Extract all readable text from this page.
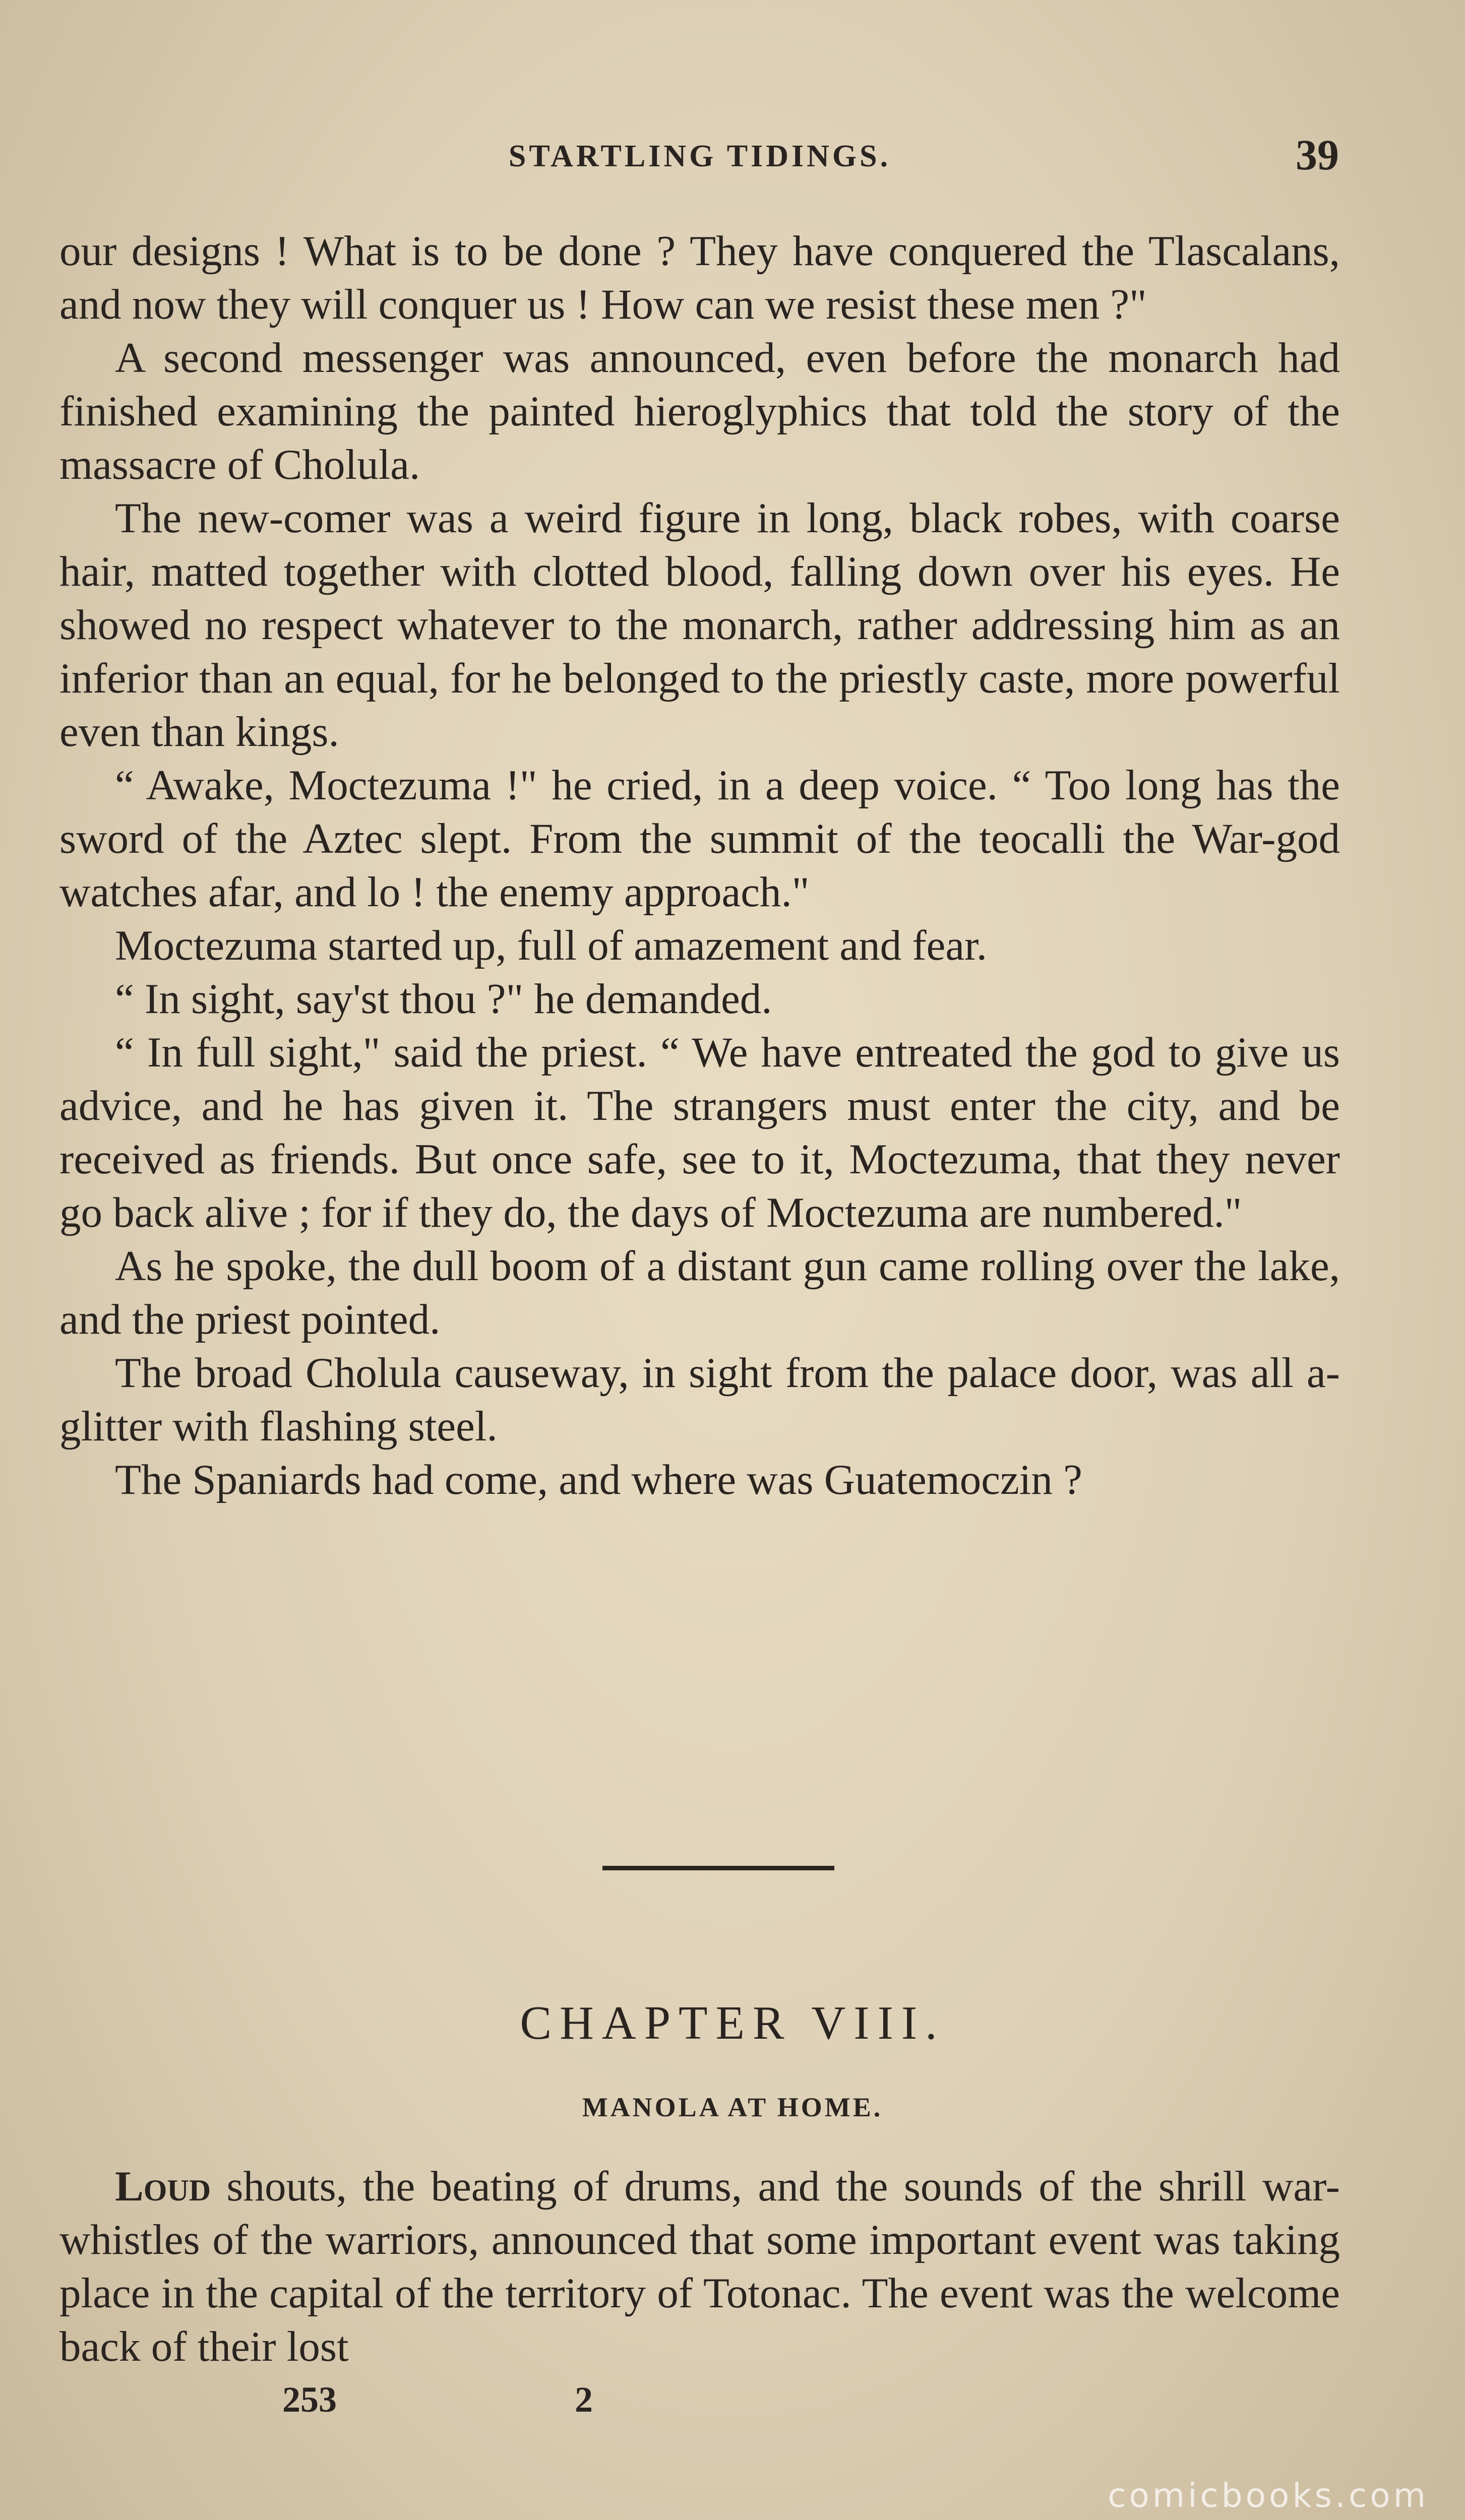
STARTLING TIDINGS.	39

our designs ! What is to be done ? They have conquered the Tlascalans, and now they will conquer us ! How can we resist these men ?"

A second messenger was announced, even before the monarch had finished examining the painted hieroglyphics that told the story of the massacre of Cholula.

The new-comer was a weird figure in long, black robes, with coarse hair, matted together with clotted blood, falling down over his eyes. He showed no respect whatever to the monarch, rather addressing him as an inferior than an equal, for he belonged to the priestly caste, more powerful even than kings.

“ Awake, Moctezuma !" he cried, in a deep voice. “ Too long has the sword of the Aztec slept. From the summit of the teocalli the War-god watches afar, and lo ! the enemy approach."

Moctezuma started up, full of amazement and fear.

“ In sight, say'st thou ?" he demanded.

“ In full sight," said the priest. “ We have entreated the god to give us advice, and he has given it. The strangers must enter the city, and be received as friends. But once safe, see to it, Moctezuma, that they never go back alive ; for if they do, the days of Moctezuma are numbered."

As he spoke, the dull boom of a distant gun came rolling over the lake, and the priest pointed.

The broad Cholula causeway, in sight from the palace door, was all a-glitter with flashing steel.

The Spaniards had come, and where was Guatemoczin ?

CHAPTER VIII.
MANOLA AT HOME.

Loud shouts, the beating of drums, and the sounds of the shrill war-whistles of the warriors, announced that some important event was taking place in the capital of the territory of Totonac. The event was the welcome back of their lost

253	2
comicbooks.com
